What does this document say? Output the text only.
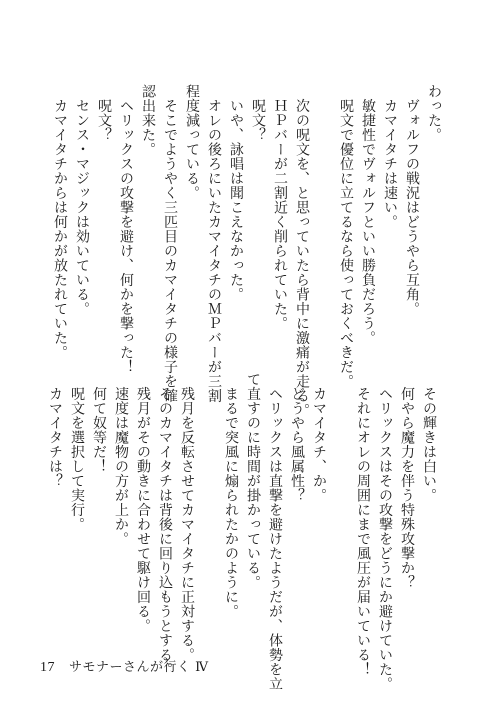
わった。

　ヴォルフの戦況はどうやら互角。

　カマイタチは速い。

　敏捷性でヴォルフといい勝負だろう。

　呪文で優位に立てるなら使っておくべきだ。

　次の呪文を、と思っていたら背中に激痛が走る。

　ＨＰバーが二割近く削られていた。

　呪文？

　いや、詠唱は聞こえなかった。

　オレの後ろにいたカマイタチのＭＰバーが三割

程度減っている。

　そこでようやく三匹目のカマイタチの様子を確

認出来た。

　ヘリックスの攻撃を避け、何かを撃った！

　呪文？

　センス・マジックは効いている。

　カマイタチからは何かが放たれていた。

　その輝きは白い。

　何やら魔力を伴う特殊攻撃か？

　ヘリックスはその攻撃をどうにか避けていた。

　それにオレの周囲にまで風圧が届いている！

　カマイタチ、か。

　どうやら風属性？

　ヘリックスは直撃を避けたようだが、体勢を立

て直すのに時間が掛かっている。

　まるで突風に煽られたかのように。

　残月を反転させてカマイタチに正対する。

　そのカマイタチは背後に回り込もうとする。

　残月がその動きに合わせて駆け回る。

　速度は魔物の方が上か。

　何て奴等だ！

　呪文を選択して実行。

　カマイタチは？

17 サモナーさんが行く Ⅳ
